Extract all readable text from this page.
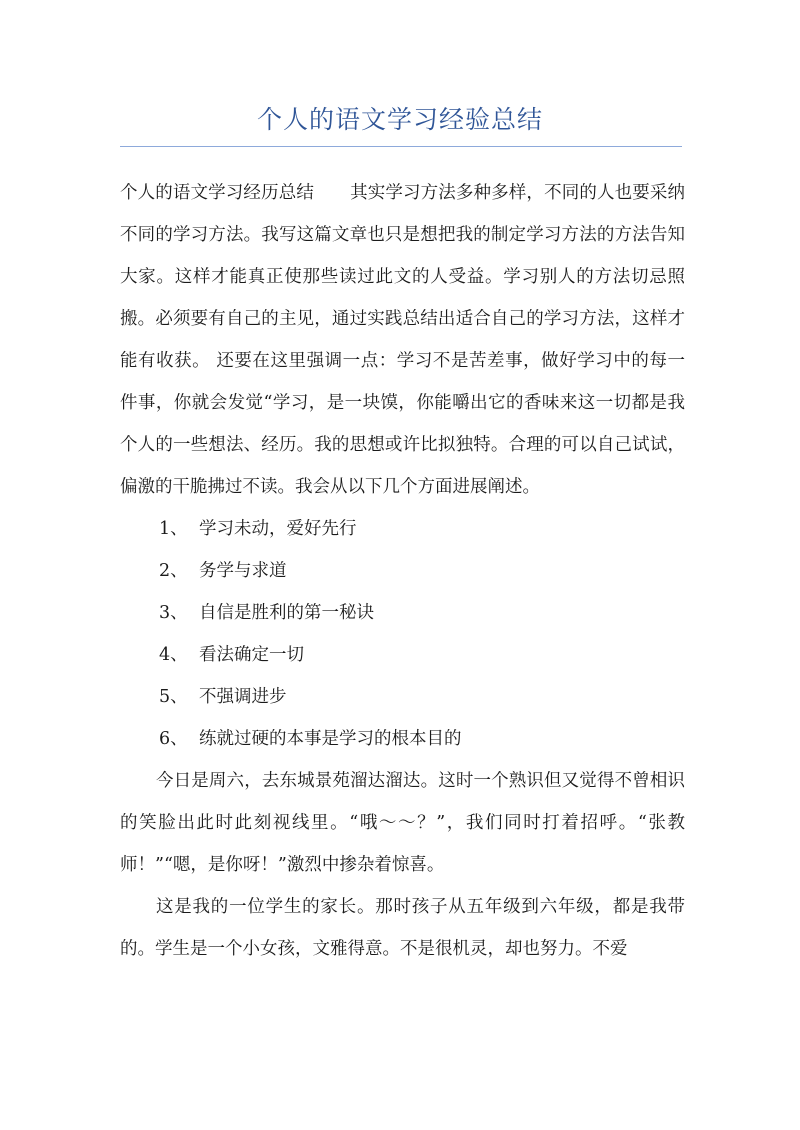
个人的语文学习经验总结

个人的语文学习经历总结 其实学习方法多种多样，不同的人也要采纳不同的学习方法。我写这篇文章也只是想把我的制定学习方法的方法告知大家。这样才能真正使那些读过此文的人受益。学习别人的方法切忌照搬。必须要有自己的主见，通过实践总结出适合自己的学习方法，这样才能有收获。 还要在这里强调一点：学习不是苦差事，做好学习中的每一件事，你就会发觉“学习，是一块馍，你能嚼出它的香味来这一切都是我个人的一些想法、经历。我的思想或许比拟独特。合理的可以自己试试，偏激的干脆拂过不读。我会从以下几个方面进展阐述。

1、 学习未动，爱好先行
2、 务学与求道
3、 自信是胜利的第一秘诀
4、 看法确定一切
5、 不强调进步
6、 练就过硬的本事是学习的根本目的

今日是周六，去东城景苑溜达溜达。这时一个熟识但又觉得不曾相识的笑脸出此时此刻视线里。“哦～～？”，我们同时打着招呼。“张教师！”“嗯，是你呀！”激烈中掺杂着惊喜。

这是我的一位学生的家长。那时孩子从五年级到六年级，都是我带的。学生是一个小女孩，文雅得意。不是很机灵，却也努力。不爱
